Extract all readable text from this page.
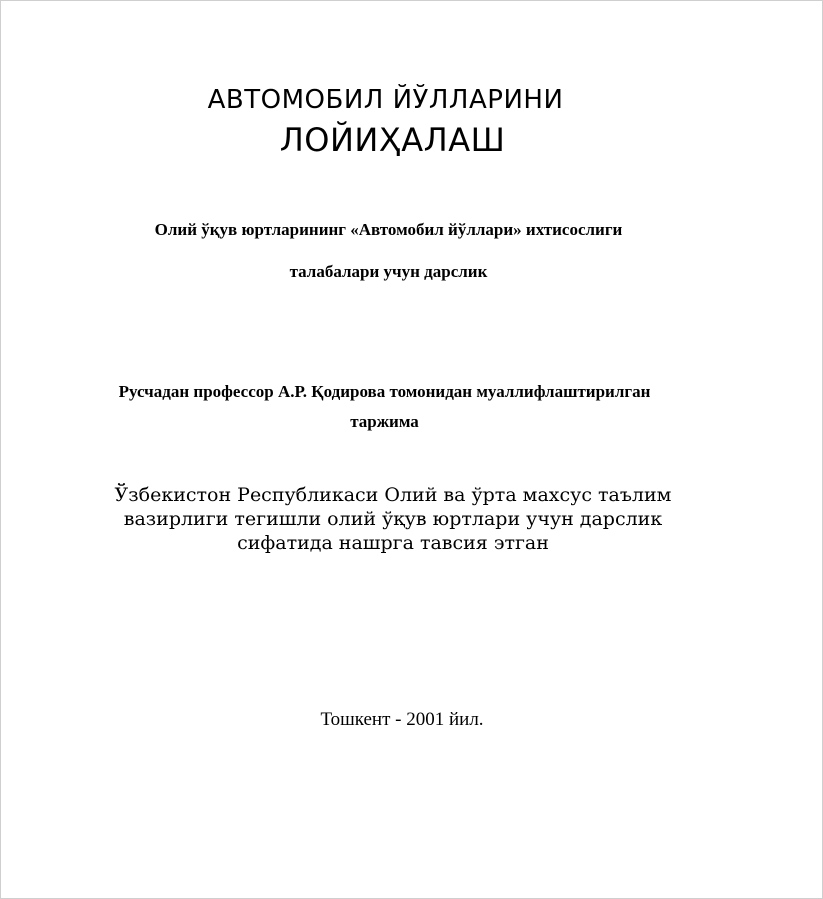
АВТОМОБИЛ ЙЎЛЛАРИНИ

ЛОЙИҲАЛАШ

Олий ўқув юртларининг «Автомобил йўллари» ихтисослиги

талабалари учун дарслик

Русчадан профессор А.Р. Қодирова томонидан муаллифлаштирилган

таржима

Ўзбекистон Республикаси Олий ва ўрта махсус таълим

вазирлиги тегишли олий ўқув юртлари учун дарслик

сифатида нашрга тавсия этган

Тошкент - 2001 йил.
